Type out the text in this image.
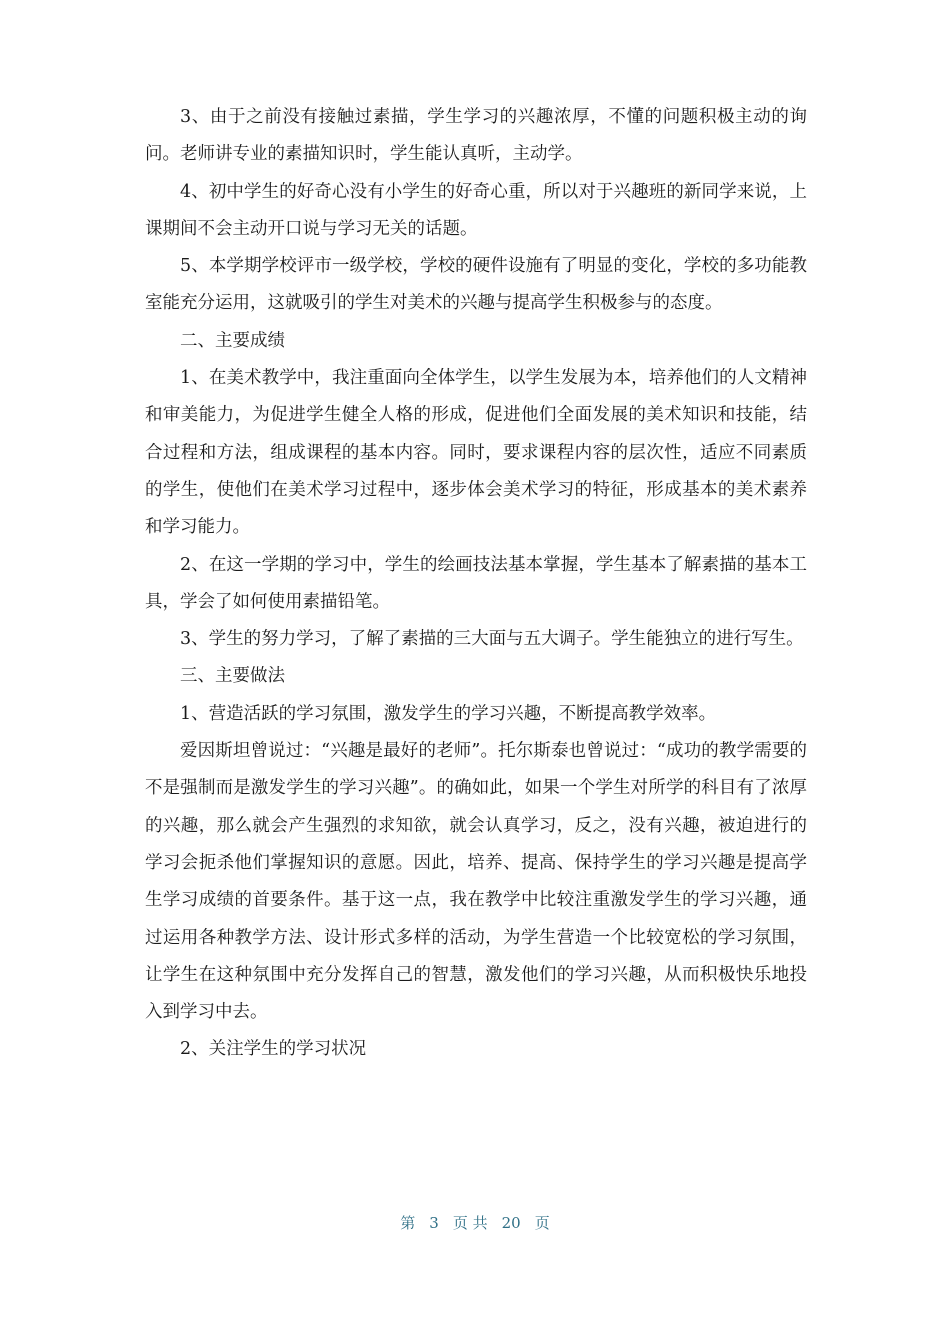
3、由于之前没有接触过素描，学生学习的兴趣浓厚，不懂的问题积极主动的询问。老师讲专业的素描知识时，学生能认真听，主动学。

4、初中学生的好奇心没有小学生的好奇心重，所以对于兴趣班的新同学来说，上课期间不会主动开口说与学习无关的话题。

5、本学期学校评市一级学校，学校的硬件设施有了明显的变化，学校的多功能教室能充分运用，这就吸引的学生对美术的兴趣与提高学生积极参与的态度。

二、主要成绩

1、在美术教学中，我注重面向全体学生，以学生发展为本，培养他们的人文精神和审美能力，为促进学生健全人格的形成，促进他们全面发展的美术知识和技能，结合过程和方法，组成课程的基本内容。同时，要求课程内容的层次性，适应不同素质的学生，使他们在美术学习过程中，逐步体会美术学习的特征，形成基本的美术素养和学习能力。

2、在这一学期的学习中，学生的绘画技法基本掌握，学生基本了解素描的基本工具，学会了如何使用素描铅笔。

3、学生的努力学习，了解了素描的三大面与五大调子。学生能独立的进行写生。

三、主要做法

1、营造活跃的学习氛围，激发学生的学习兴趣，不断提高教学效率。

爱因斯坦曾说过：“兴趣是最好的老师”。托尔斯泰也曾说过：“成功的教学需要的不是强制而是激发学生的学习兴趣”。的确如此，如果一个学生对所学的科目有了浓厚的兴趣，那么就会产生强烈的求知欲，就会认真学习，反之，没有兴趣，被迫进行的学习会扼杀他们掌握知识的意愿。因此，培养、提高、保持学生的学习兴趣是提高学生学习成绩的首要条件。基于这一点，我在教学中比较注重激发学生的学习兴趣，通过运用各种教学方法、设计形式多样的活动，为学生营造一个比较宽松的学习氛围，让学生在这种氛围中充分发挥自己的智慧，激发他们的学习兴趣，从而积极快乐地投入到学习中去。

2、关注学生的学习状况

第 3 页 共 20 页
